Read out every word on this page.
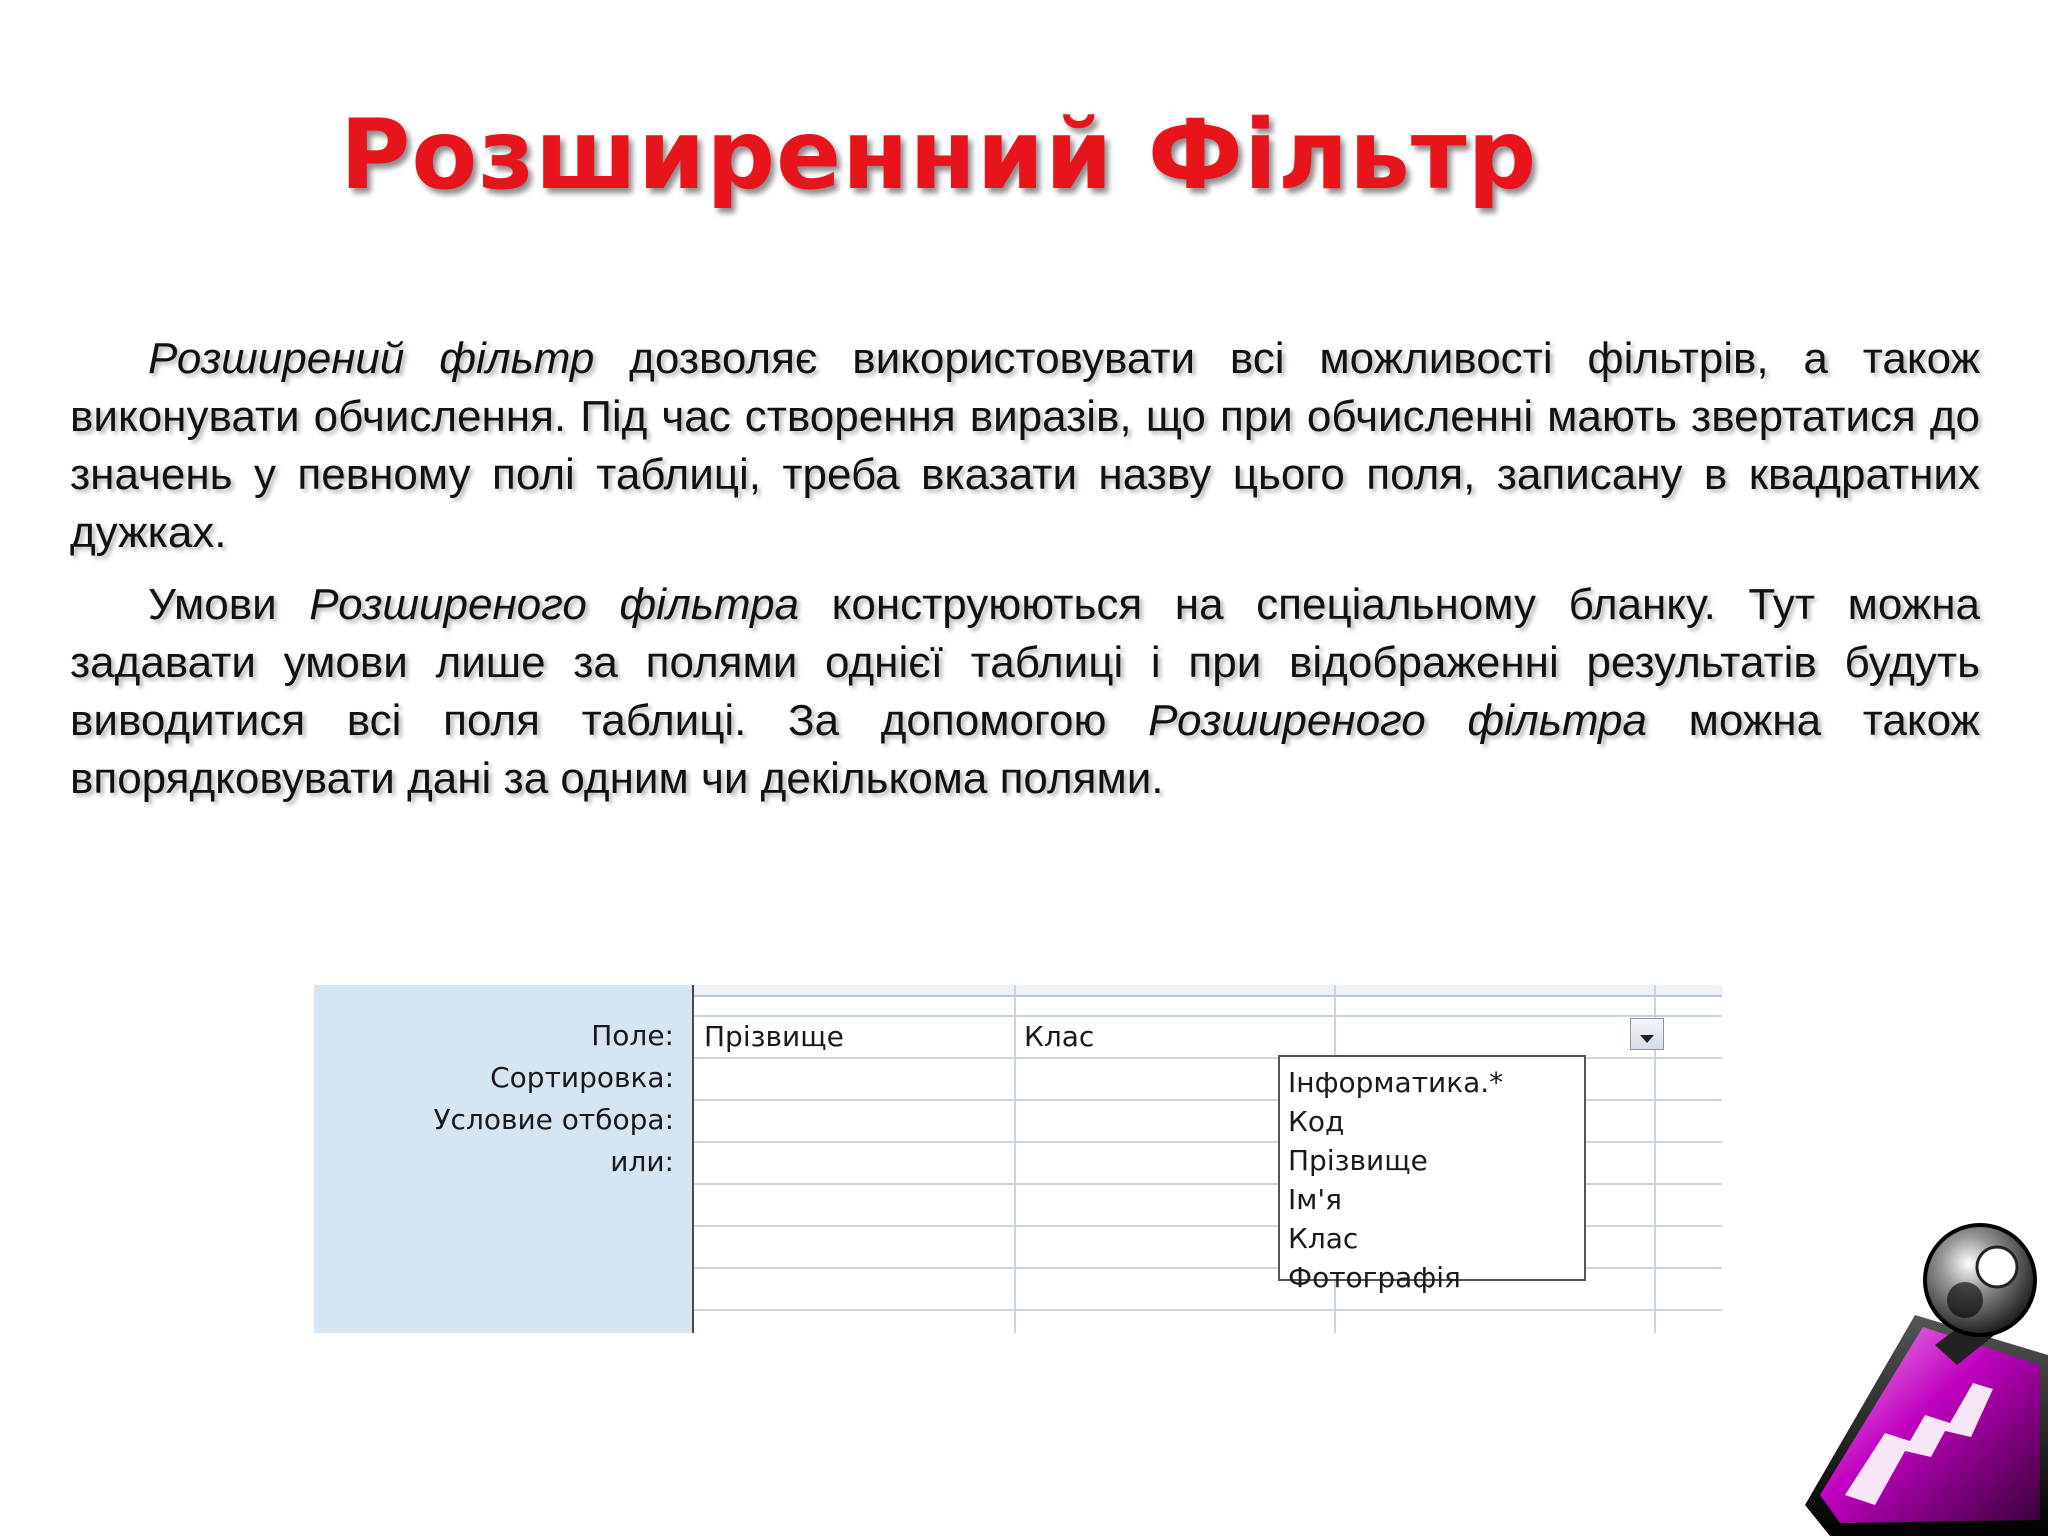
Розширенний Фільтр

Розширений фільтр дозволяє використовувати всі можливості фільтрів, а також виконувати обчислення. Під час створення виразів, що при обчисленні мають звертатися до значень у певному полі таблиці, треба вказати назву цього поля, записану в квадратних дужках.

Умови Розширеного фільтра конструюються на спеціальному бланку. Тут можна задавати умови лише за полями однієї таблиці і при відображенні результатів будуть виводитися всі поля таблиці. За допомогою Розширеного фільтра можна також впорядковувати дані за одним чи декількома полями.

Поле:
Сортировка:
Условие отбора:
или:
Прізвище	Клас
Інформатика.*
Код
Прізвище
Ім'я
Клас
Фотографія
